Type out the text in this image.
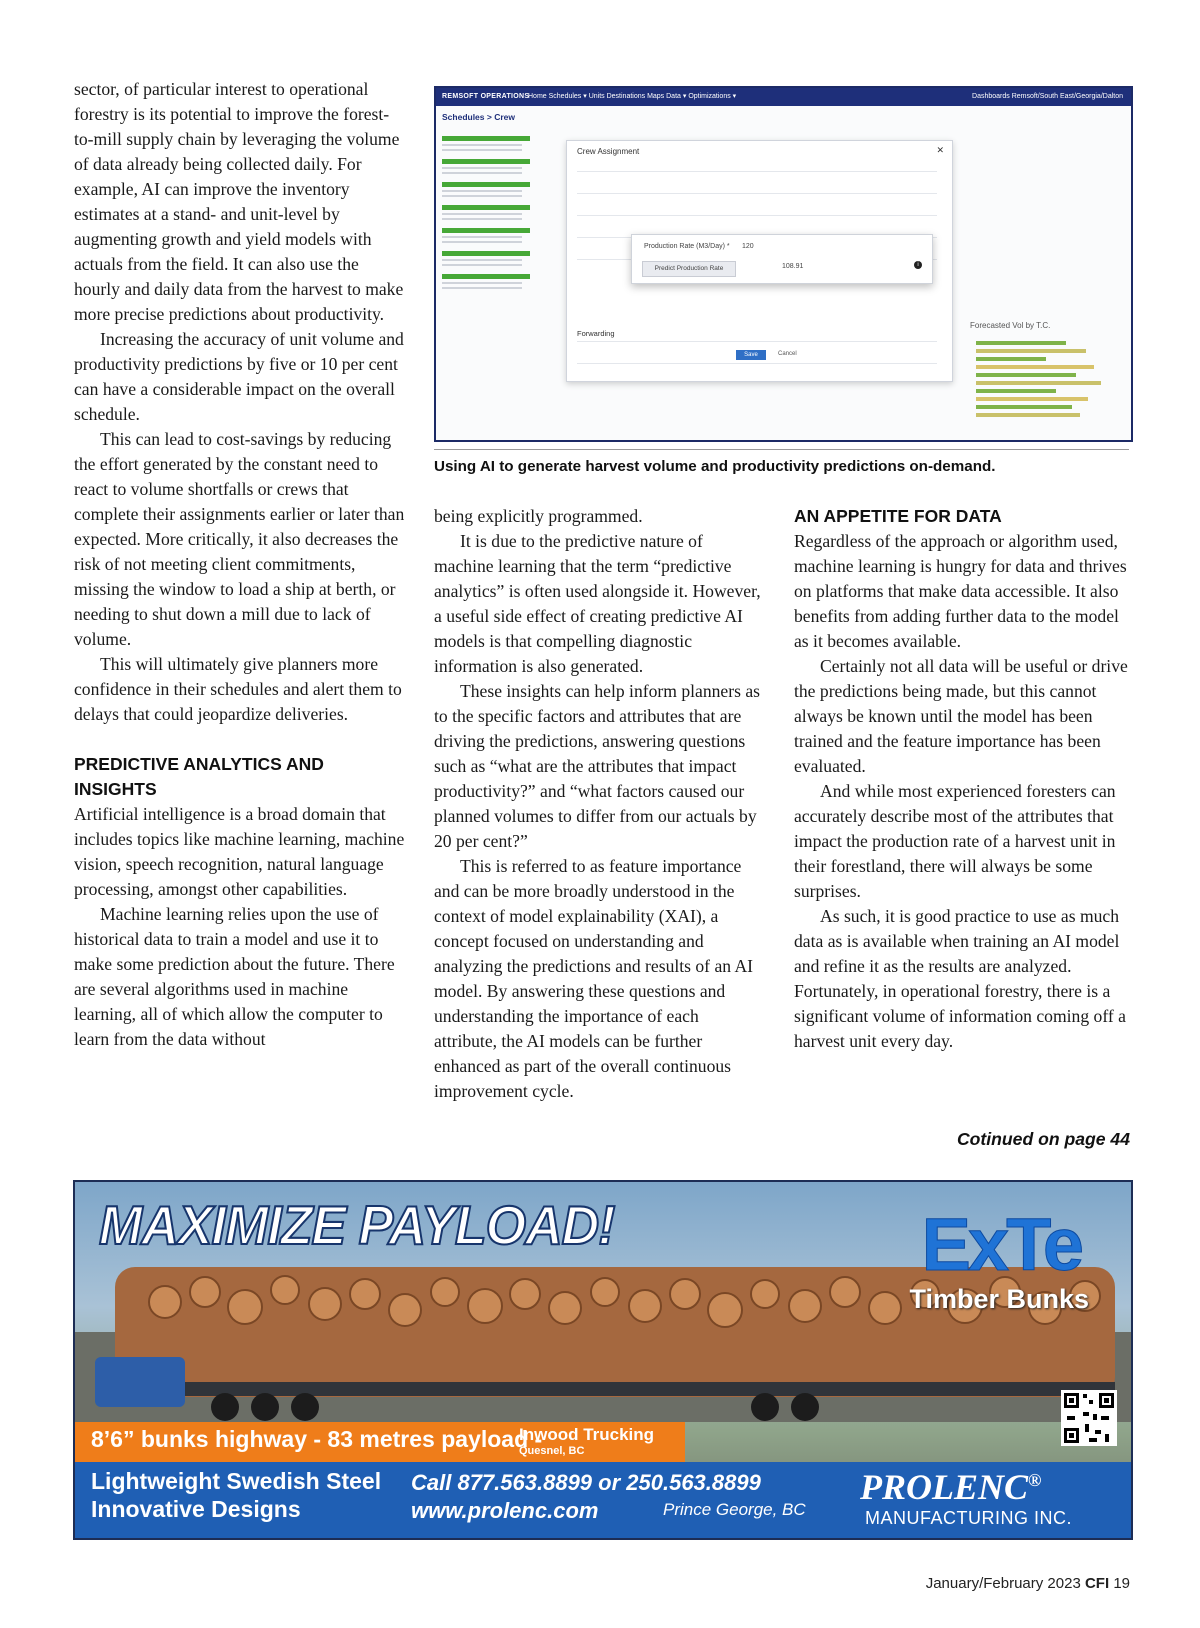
sector, of particular interest to operational forestry is its potential to improve the forest-to-mill supply chain by leveraging the volume of data already being collected daily. For example, AI can improve the inventory estimates at a stand- and unit-level by augmenting growth and yield models with actuals from the field. It can also use the hourly and daily data from the harvest to make more precise predictions about productivity.

Increasing the accuracy of unit volume and productivity predictions by five or 10 per cent can have a considerable impact on the overall schedule.

This can lead to cost-savings by reducing the effort generated by the constant need to react to volume shortfalls or crews that complete their assignments earlier or later than expected. More critically, it also decreases the risk of not meeting client commitments, missing the window to load a ship at berth, or needing to shut down a mill due to lack of volume.

This will ultimately give planners more confidence in their schedules and alert them to delays that could jeopardize deliveries.

PREDICTIVE ANALYTICS AND INSIGHTS

Artificial intelligence is a broad domain that includes topics like machine learning, machine vision, speech recognition, natural language processing, amongst other capabilities.

Machine learning relies upon the use of historical data to train a model and use it to make some prediction about the future. There are several algorithms used in machine learning, all of which allow the computer to learn from the data without

REMSOFT OPERATIONS
Home Schedules ▾ Units Destinations Maps Data ▾ Optimizations ▾	Dashboards Remsoft/South East/Georgia/Dalton
Schedules > Crew
Crew Assignment	✕
Forwarding
Production Rate (M3/Day) * 120
Predict Production Rate	108.91	i
Save	Cancel
Forecasted Vol by T.C.
Using AI to generate harvest volume and productivity predictions on-demand.

being explicitly programmed.

It is due to the predictive nature of machine learning that the term “predictive analytics” is often used alongside it. However, a useful side effect of creating predictive AI models is that compelling diagnostic information is also generated.

These insights can help inform planners as to the specific factors and attributes that are driving the predictions, answering questions such as “what are the attributes that impact productivity?” and “what factors caused our planned volumes to differ from our actuals by 20 per cent?”

This is referred to as feature importance and can be more broadly understood in the context of model explainability (XAI), a concept focused on understanding and analyzing the predictions and results of an AI model. By answering these questions and understanding the importance of each attribute, the AI models can be further enhanced as part of the overall continuous improvement cycle.

AN APPETITE FOR DATA

Regardless of the approach or algorithm used, machine learning is hungry for data and thrives on platforms that make data accessible. It also benefits from adding further data to the model as it becomes available.

Certainly not all data will be useful or drive the predictions being made, but this cannot always be known until the model has been trained and the feature importance has been evaluated.

And while most experienced foresters can accurately describe most of the attributes that impact the production rate of a harvest unit in their forestland, there will always be some surprises.

As such, it is good practice to use as much data as is available when training an AI model and refine it as the results are analyzed. Fortunately, in operational forestry, there is a significant volume of information coming off a harvest unit every day.

Cotinued on page 44
MAXIMIZE PAYLOAD!	ExTe
Timber Bunks
8’6” bunks highway - 83 metres payload -
Inwood Trucking
Quesnel, BC
Lightweight Swedish Steel
Innovative Designs
Call 877.563.8899 or 250.563.8899
www.prolenc.com	Prince George, BC
PROLENC®
MANUFACTURING INC.
January/February 2023 CFI 19
